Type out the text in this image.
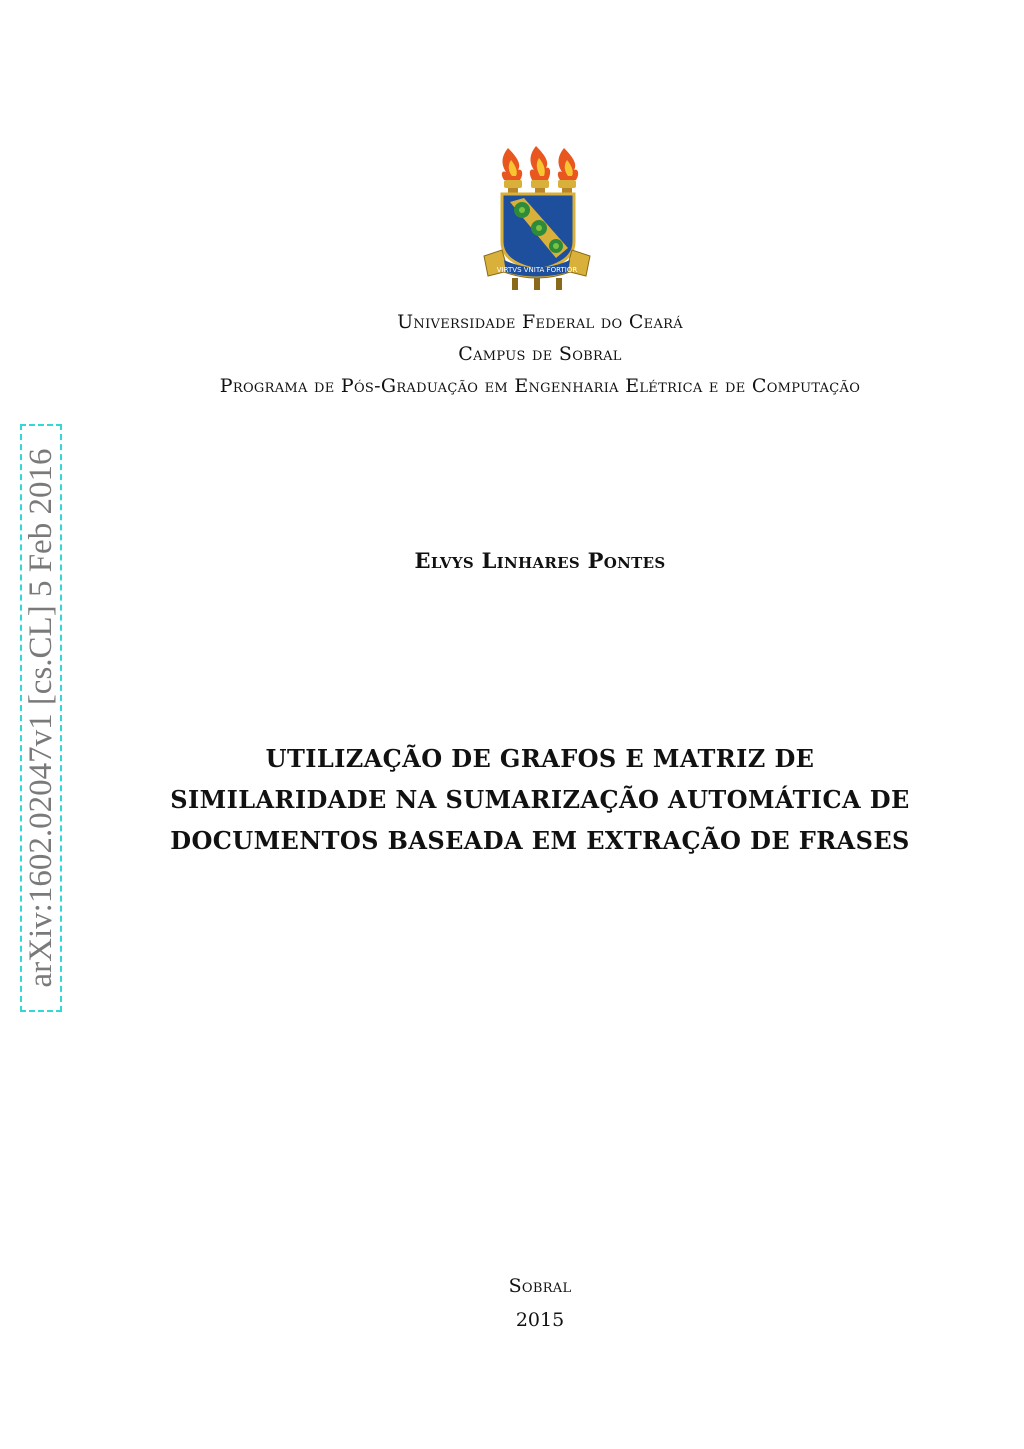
VIRTVS VNITA FORTIOR
Universidade Federal do Ceará
Campus de Sobral
Programa de Pós-Graduação em Engenharia Elétrica e de Computação
Elvys Linhares Pontes
UTILIZAÇÃO DE GRAFOS E MATRIZ DE
SIMILARIDADE NA SUMARIZAÇÃO AUTOMÁTICA DE
DOCUMENTOS BASEADA EM EXTRAÇÃO DE FRASES
Sobral
2015
arXiv:1602.02047v1 [cs.CL] 5 Feb 2016
